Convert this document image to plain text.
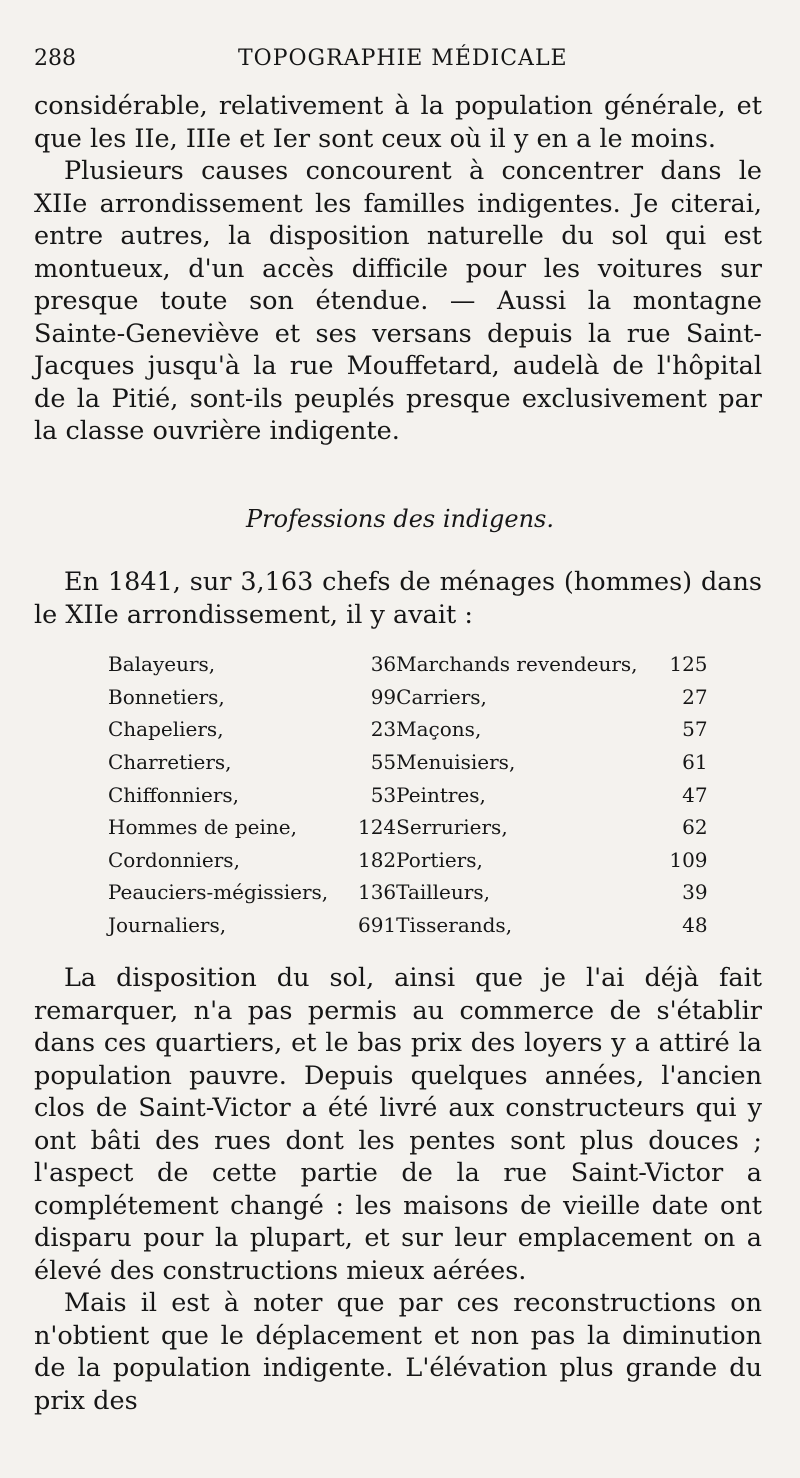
288	TOPOGRAPHIE MÉDICALE

considérable, relativement à la population générale, et que les IIe, IIIe et Ier sont ceux où il y en a le moins.

Plusieurs causes concourent à concentrer dans le XIIe arrondissement les familles indigentes. Je citerai, entre autres, la disposition naturelle du sol qui est montueux, d'un accès difficile pour les voitures sur presque toute son étendue. — Aussi la montagne Sainte-Geneviève et ses versans depuis la rue Saint-Jacques jusqu'à la rue Mouffetard, audelà de l'hôpital de la Pitié, sont-ils peuplés presque exclusivement par la classe ouvrière indigente.

Professions des indigens.

En 1841, sur 3,163 chefs de ménages (hommes) dans le XIIe arrondissement, il y avait :

Balayeurs,	36	Marchands revendeurs,	125
Bonnetiers,	99	Carriers,	27
Chapeliers,	23	Maçons,	57
Charretiers,	55	Menuisiers,	61
Chiffonniers,	53	Peintres,	47
Hommes de peine,	124	Serruriers,	62
Cordonniers,	182	Portiers,	109
Peauciers-mégissiers,	136	Tailleurs,	39
Journaliers,	691	Tisserands,	48

La disposition du sol, ainsi que je l'ai déjà fait remarquer, n'a pas permis au commerce de s'établir dans ces quartiers, et le bas prix des loyers y a attiré la population pauvre. Depuis quelques années, l'ancien clos de Saint-Victor a été livré aux constructeurs qui y ont bâti des rues dont les pentes sont plus douces ; l'aspect de cette partie de la rue Saint-Victor a complétement changé : les maisons de vieille date ont disparu pour la plupart, et sur leur emplacement on a élevé des constructions mieux aérées.

Mais il est à noter que par ces reconstructions on n'obtient que le déplacement et non pas la diminution de la population indigente. L'élévation plus grande du prix des
